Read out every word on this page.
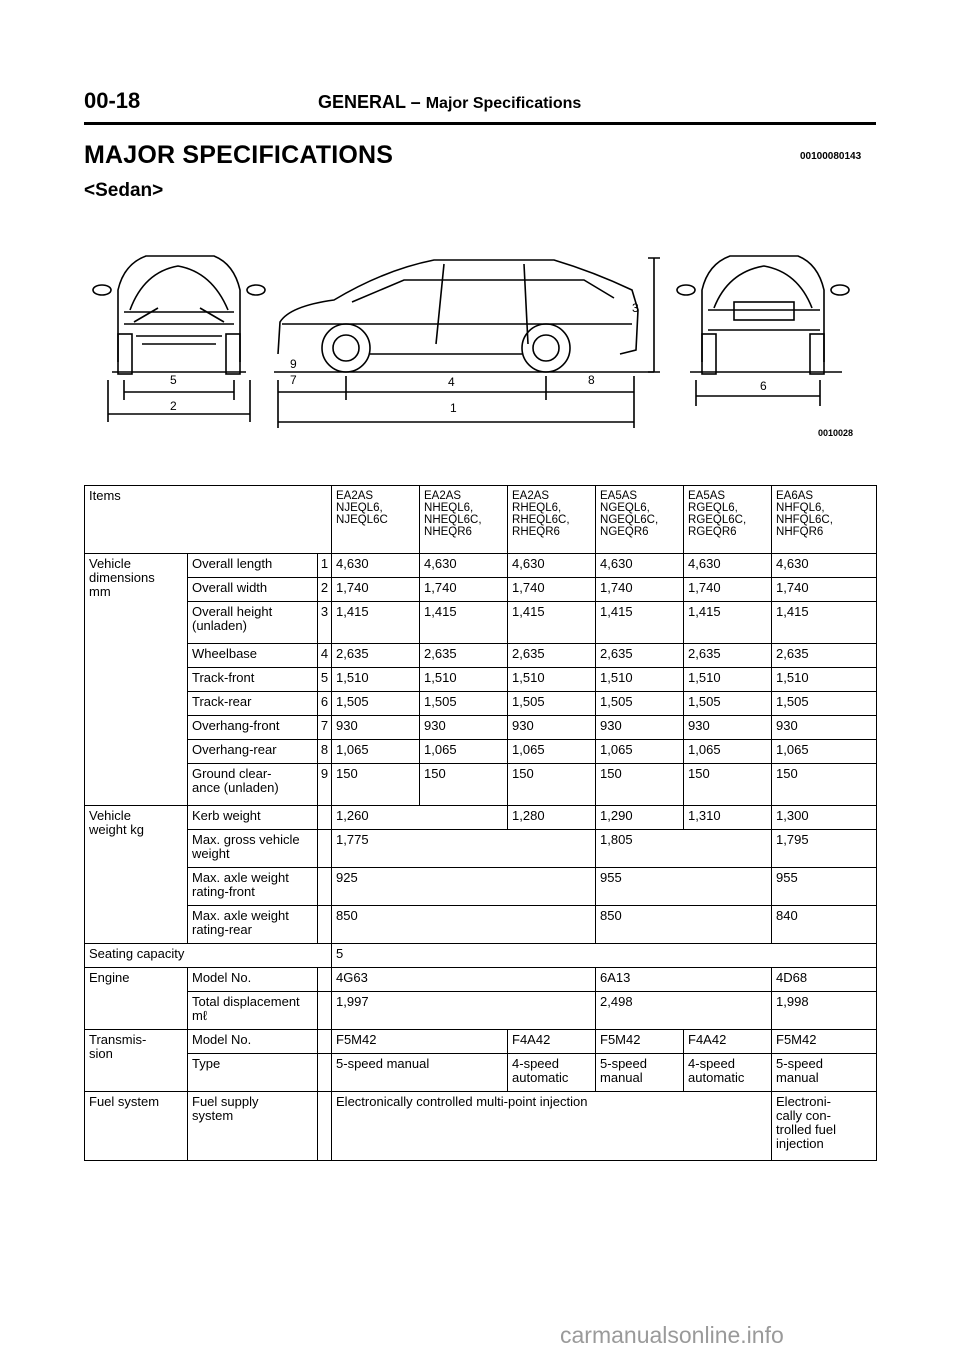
00-18	GENERAL – Major Specifications
MAJOR SPECIFICATIONS	00100080143
<Sedan>
1
2
3
4
5	6
7	8
9
0010028
Items			EA2AS
NJEQL6,
NJEQL6C	EA2AS
NHEQL6,
NHEQL6C,
NHEQR6	EA2AS
RHEQL6,
RHEQL6C,
RHEQR6	EA5AS
NGEQL6,
NGEQL6C,
NGEQR6	EA5AS
RGEQL6,
RGEQL6C,
RGEQR6	EA6AS
NHFQL6,
NHFQL6C,
NHFQR6
Vehicle
dimensions
mm	Overall length	1	4,630	4,630	4,630	4,630	4,630	4,630
	Overall width	2	1,740	1,740	1,740	1,740	1,740	1,740
	Overall height
(unladen)	3	1,415	1,415	1,415	1,415	1,415	1,415
	Wheelbase	4	2,635	2,635	2,635	2,635	2,635	2,635
	Track-front	5	1,510	1,510	1,510	1,510	1,510	1,510
	Track-rear	6	1,505	1,505	1,505	1,505	1,505	1,505
	Overhang-front	7	930	930	930	930	930	930
	Overhang-rear	8	1,065	1,065	1,065	1,065	1,065	1,065
	Ground clear-
ance (unladen)	9	150	150	150	150	150	150
Vehicle
weight kg	Kerb weight		1,260		1,280	1,290	1,310	1,300
	Max. gross vehicle
weight		1,775			1,805		1,795
	Max. axle weight
rating-front		925			955		955
	Max. axle weight
rating-rear		850			850		840
Seating capacity			5					
Engine	Model No.		4G63			6A13		4D68
	Total displacement
mℓ		1,997			2,498		1,998
Transmis-
sion	Model No.		F5M42		F4A42	F5M42	F4A42	F5M42
	Type		5-speed manual		4-speed
automatic	5-speed
manual	4-speed
automatic	5-speed
manual
Fuel system	Fuel supply
system		Electronically controlled multi-point injection					Electroni-
cally con-
trolled fuel
injection
carmanualsonline.info
